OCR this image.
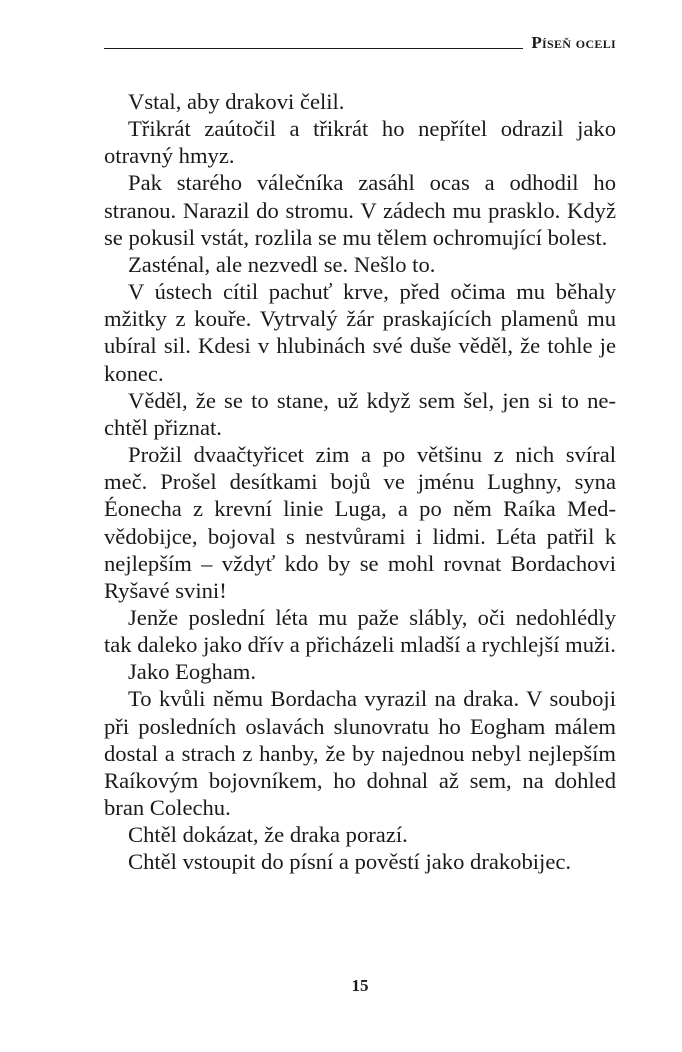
Píseň oceli

Vstal, aby drakovi čelil.

Třikrát zaútočil a třikrát ho nepřítel odrazil jako otravný hmyz.

Pak starého válečníka zasáhl ocas a odhodil ho stranou. Narazil do stromu. V zádech mu prasklo. Když se pokusil vstát, rozlila se mu tělem ochromující bolest.

Zasténal, ale nezvedl se. Nešlo to.

V ústech cítil pachuť krve, před očima mu běhaly mžitky z kouře. Vytrvalý žár praskajících plamenů mu ubíral sil. Kdesi v hlubinách své duše věděl, že tohle je konec.

Věděl, že se to stane, už když sem šel, jen si to nechtěl přiznat.

Prožil dvaačtyřicet zim a po většinu z nich svíral meč. Prošel desítkami bojů ve jménu Lughny, syna Éonecha z krevní linie Luga, a po něm Raíka Medvědobijce, bojoval s nestvůrami i lidmi. Léta patřil k nejlepším – vždyť kdo by se mohl rovnat Bordachovi Ryšavé svini!

Jenže poslední léta mu paže slábly, oči nedohlédly tak daleko jako dřív a přicházeli mladší a rychlejší muži.

Jako Eogham.

To kvůli němu Bordacha vyrazil na draka. V souboji při posledních oslavách slunovratu ho Eogham málem dostal a strach z hanby, že by najednou nebyl nejlepším Raíkovým bojovníkem, ho dohnal až sem, na dohled bran Colechu.

Chtěl dokázat, že draka porazí.

Chtěl vstoupit do písní a pověstí jako drakobijec.

15
